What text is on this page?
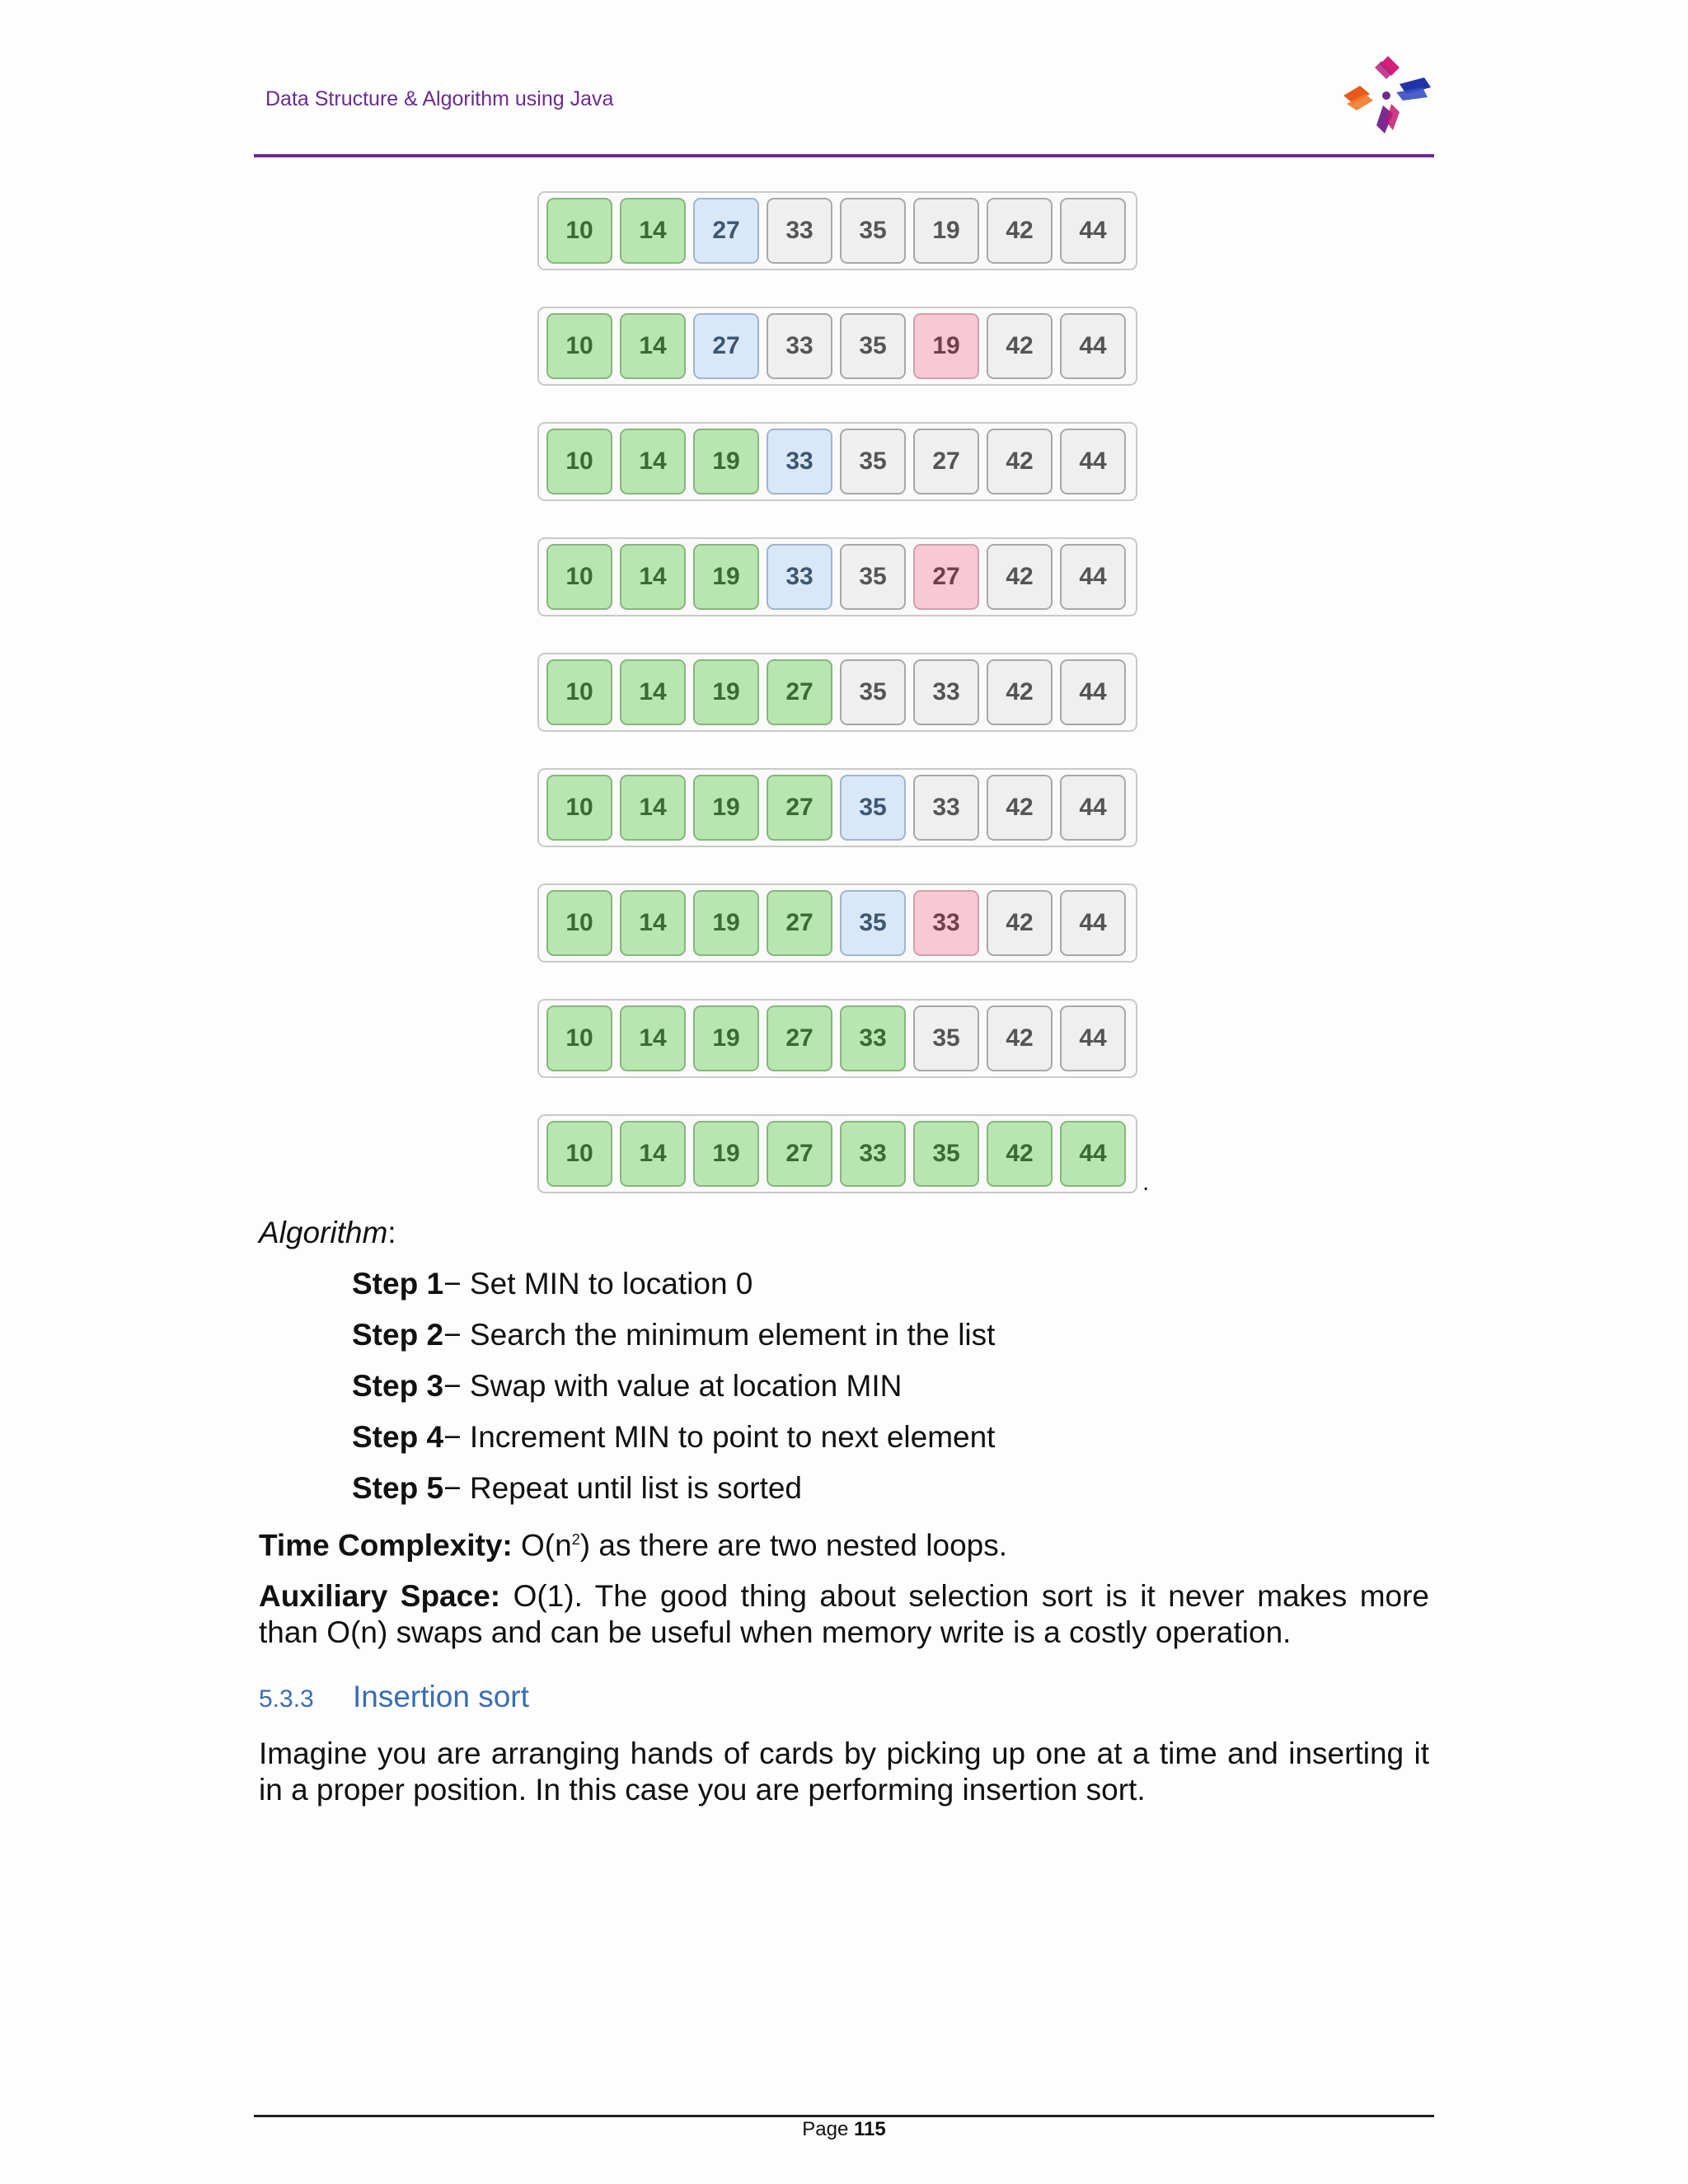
Data Structure & Algorithm using Java
10	14	27	33	35	19	42	44
10	14	27	33	35	19	42	44
10	14	19	33	35	27	42	44
10	14	19	33	35	27	42	44
10	14	19	27	35	33	42	44
10	14	19	27	35	33	42	44
10	14	19	27	35	33	42	44
10	14	19	27	33	35	42	44
10	14	19	27	33	35	42	44
.
Algorithm:
Step 1− Set MIN to location 0
Step 2− Search the minimum element in the list
Step 3− Swap with value at location MIN
Step 4− Increment MIN to point to next element
Step 5− Repeat until list is sorted
Time Complexity: $O(n^2)$ as there are two nested loops.
Auxiliary Space: O(1). The good thing about selection sort is it never makes more than O(n) swaps and can be useful when memory write is a costly operation.
5.3.3	Insertion sort
Imagine you are arranging hands of cards by picking up one at a time and inserting it in a proper position. In this case you are performing insertion sort.
Page 115
